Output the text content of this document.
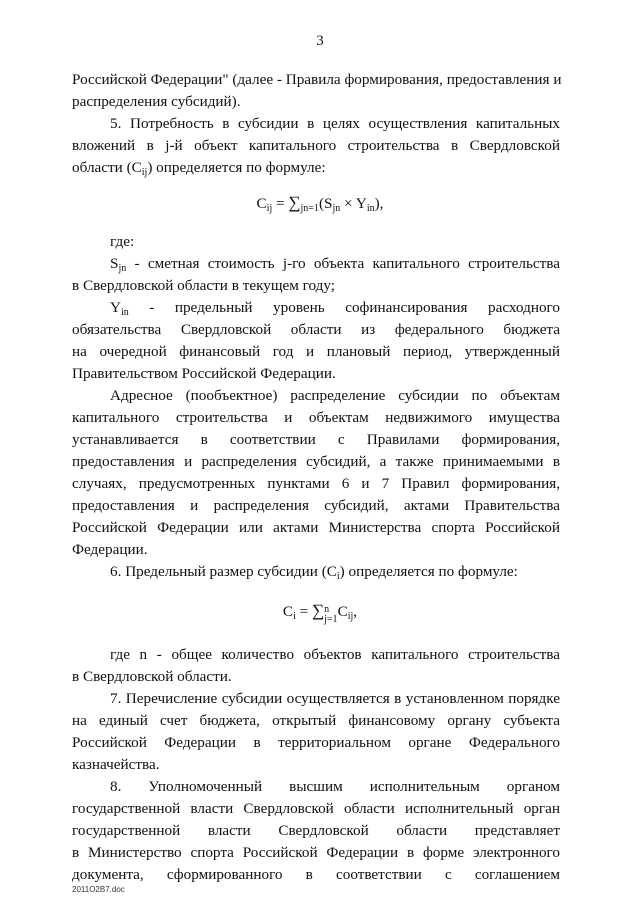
3
Российской Федерации" (далее - Правила формирования, предоставления и
распределения субсидий).
5. Потребность в субсидии в целях осуществления капитальных
вложений в j-й объект капитального строительства в Свердловской
области $(C_{ij})$ определяется по формуле:
$C_{ij} = \sum_{jn=1}(S_{jn} \times Y_{in})$,
где:
$S_{jn}$ - сметная стоимость j-го объекта капитального строительства
в Свердловской области в текущем году;
$Y_{in}$ - предельный уровень софинансирования расходного
обязательства Свердловской области из федерального бюджета
на очередной финансовый год и плановый период, утвержденный
Правительством Российской Федерации.
Адресное (пообъектное) распределение субсидии по объектам
капитального строительства и объектам недвижимого имущества
устанавливается в соответствии с Правилами формирования,
предоставления и распределения субсидий, а также принимаемыми в
случаях, предусмотренных пунктами 6 и 7 Правил формирования,
предоставления и распределения субсидий, актами Правительства
Российской Федерации или актами Министерства спорта Российской
Федерации.
6. Предельный размер субсидии $(C_i)$ определяется по формуле:
$C_i = \sum n$
$j=1C_{ij}$,
где n - общее количество объектов капитального строительства
в Свердловской области.
7. Перечисление субсидии осуществляется в установленном порядке
на единый счет бюджета, открытый финансовому органу субъекта
Российской Федерации в территориальном органе Федерального
казначейства.
8. Уполномоченный высшим исполнительным органом
государственной власти Свердловской области исполнительный орган
государственной власти Свердловской области представляет
в Министерство спорта Российской Федерации в форме электронного
документа, сформированного в соответствии с соглашением
2011О2В7.doc
